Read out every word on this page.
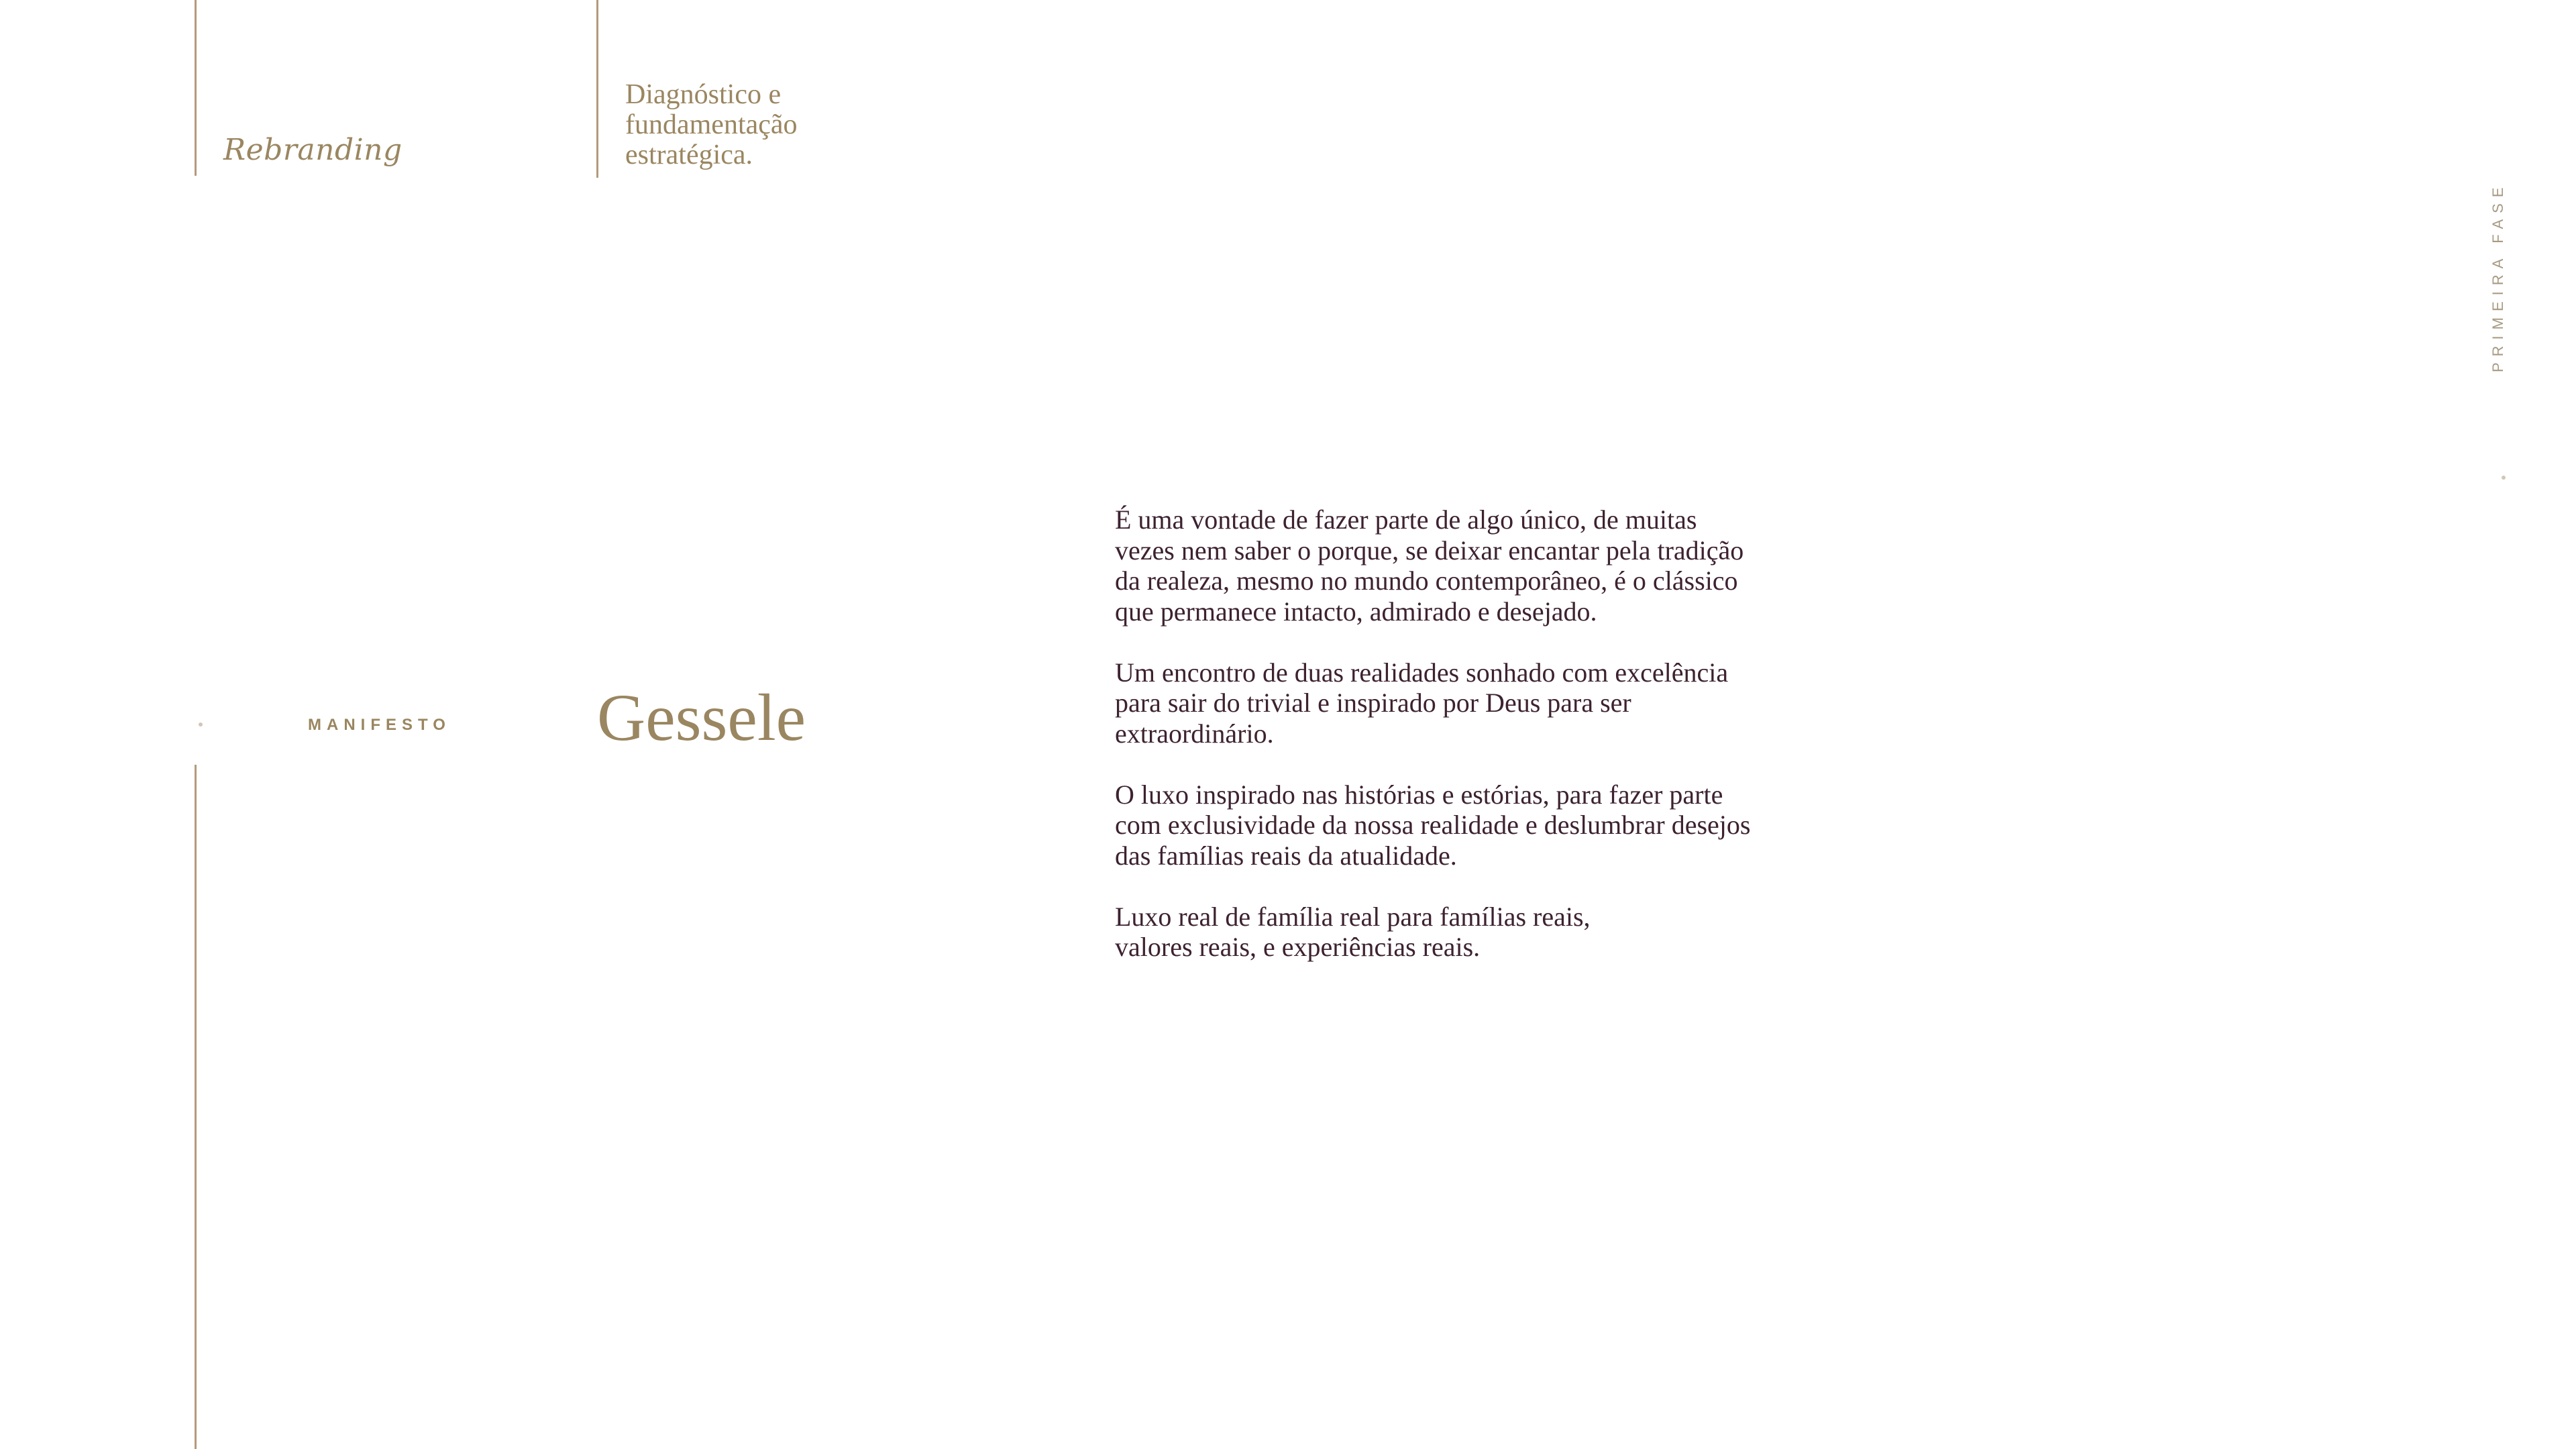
Rebranding
Diagnóstico e
fundamentação
estratégica.
PRIMEIRA FASE
MANIFESTO Gessele

É uma vontade de fazer parte de algo único, de muitas
vezes nem saber o porque, se deixar encantar pela tradição
da realeza, mesmo no mundo contemporâneo, é o clássico
que permanece intacto, admirado e desejado.

Um encontro de duas realidades sonhado com excelência
para sair do trivial e inspirado por Deus para ser
extraordinário.

O luxo inspirado nas histórias e estórias, para fazer parte
com exclusividade da nossa realidade e deslumbrar desejos
das famílias reais da atualidade.

Luxo real de família real para famílias reais,
valores reais, e experiências reais.
